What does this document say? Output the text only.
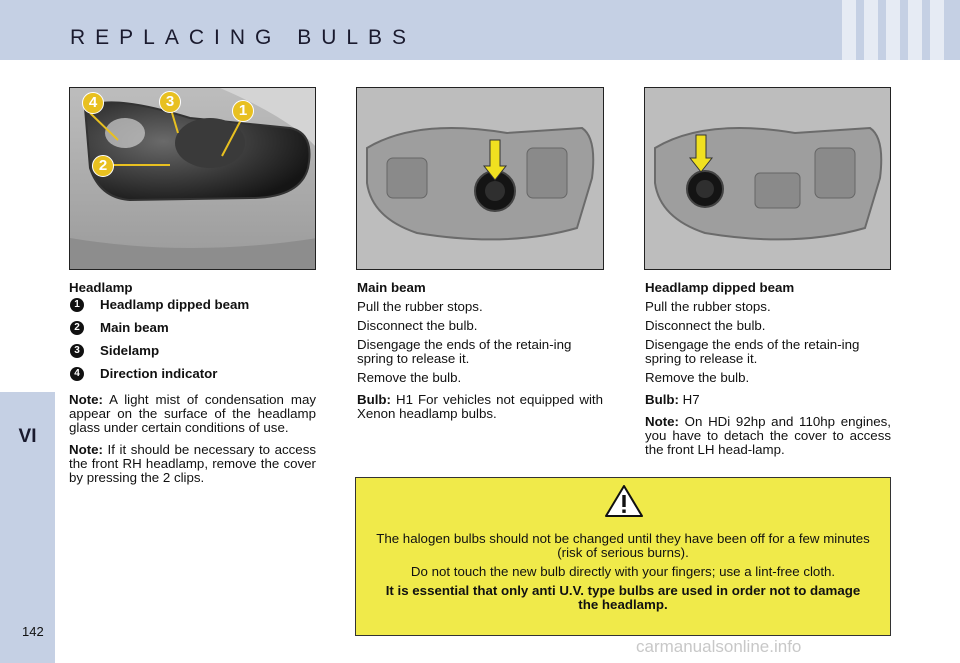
REPLACING BULBS
VI
4	3
1
2

Headlamp

1	Headlamp dipped beam
2	Main beam
3	Sidelamp
4	Direction indicator

Note: A light mist of condensation may appear on the surface of the headlamp glass under certain conditions of use.

Note: If it should be necessary to access the front RH headlamp, remove the cover by pressing the 2 clips.

Main beam

Pull the rubber stops.

Disconnect the bulb.

Disengage the ends of the retain-ing spring to release it.

Remove the bulb.

Bulb: H1 For vehicles not equipped with Xenon headlamp bulbs.

Headlamp dipped beam

Pull the rubber stops.

Disconnect the bulb.

Disengage the ends of the retain-ing spring to release it.

Remove the bulb.

Bulb: H7

Note: On HDi 92hp and 110hp engines, you have to detach the cover to access the front LH head-lamp.

The halogen bulbs should not be changed until they have been off for a few minutes (risk of serious burns).

Do not touch the new bulb directly with your fingers; use a lint-free cloth.

It is essential that only anti U.V. type bulbs are used in order not to damage the headlamp.

142
carmanualsonline.info
